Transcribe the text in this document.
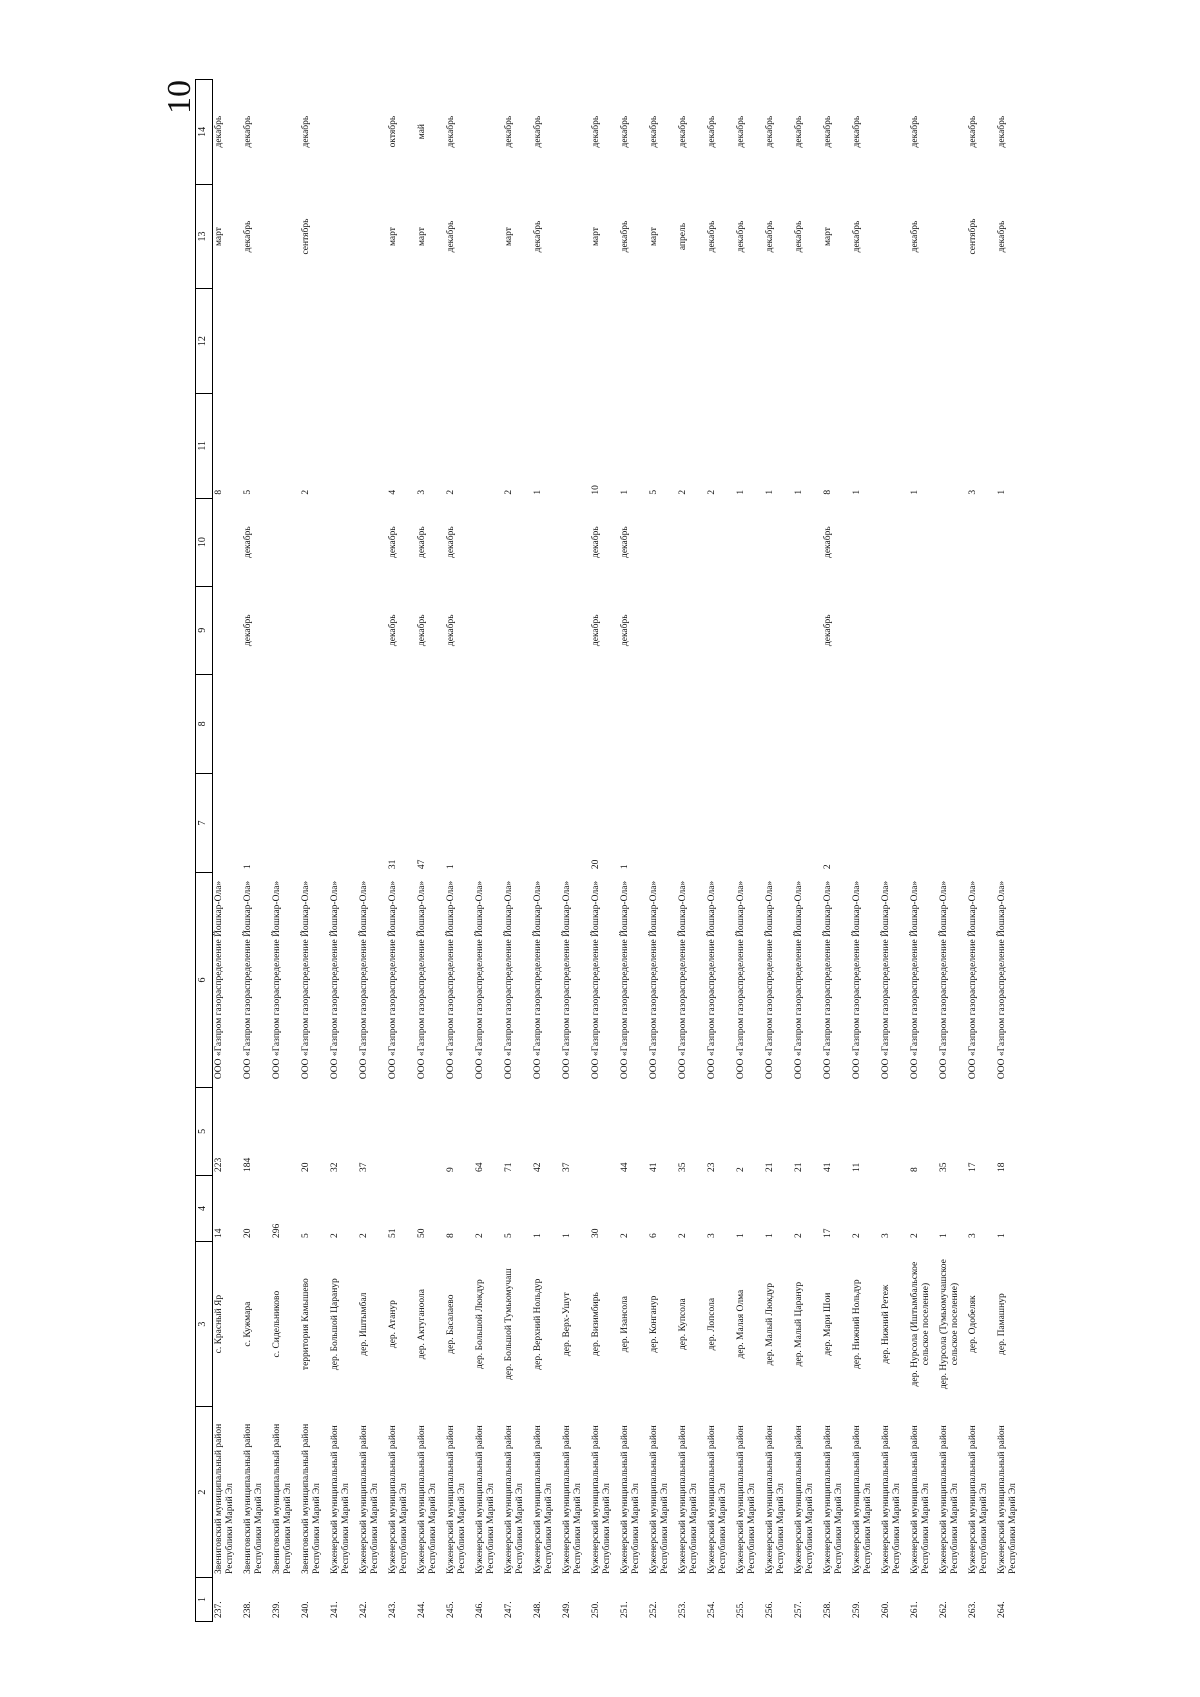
10
1	2	3	4	5	6	7	8	9	10	11	12	13	14
237.	Звениговский муниципальный район Республики Марий Эл	с. Красный Яр	14	223	ООО «Газпром газораспределение Йошкар-Ола»					8		март	декабрь
238.	Звениговский муниципальный район Республики Марий Эл	с. Кужмара	20	184	ООО «Газпром газораспределение Йошкар-Ола»	1		декабрь	декабрь	5		декабрь	декабрь
239.	Звениговский муниципальный район Республики Марий Эл	с. Сидельниково	296		ООО «Газпром газораспределение Йошкар-Ола»								
240.	Звениговский муниципальный район Республики Марий Эл	территория Камышево	5	20	ООО «Газпром газораспределение Йошкар-Ола»					2		сентябрь	декабрь
241.	Куженерский муниципальный район Республики Марий Эл	дер. Большой Царанур	2	32	ООО «Газпром газораспределение Йошкар-Ола»								
242.	Куженерский муниципальный район Республики Марий Эл	дер. Иштымбал	2	37	ООО «Газпром газораспределение Йошкар-Ола»								
243.	Куженерский муниципальный район Республики Марий Эл	дер. Атанур	51		ООО «Газпром газораспределение Йошкар-Ола»	31		декабрь	декабрь	4		март	октябрь
244.	Куженерский муниципальный район Республики Марий Эл	дер. Актуганоола	50		ООО «Газпром газораспределение Йошкар-Ола»	47		декабрь	декабрь	3		март	май
245.	Куженерский муниципальный район Республики Марий Эл	дер. Басалаево	8	9	ООО «Газпром газораспределение Йошкар-Ола»	1		декабрь	декабрь	2		декабрь	декабрь
246.	Куженерский муниципальный район Республики Марий Эл	дер. Большой Люкдур	2	64	ООО «Газпром газораспределение Йошкар-Ола»								
247.	Куженерский муниципальный район Республики Марий Эл	дер. Большой Тумьюмучаш	5	71	ООО «Газпром газораспределение Йошкар-Ола»					2		март	декабрь
248.	Куженерский муниципальный район Республики Марий Эл	дер. Верхний Нольдур	1	42	ООО «Газпром газораспределение Йошкар-Ола»					1		декабрь	декабрь
249.	Куженерский муниципальный район Республики Марий Эл	дер. Верх-Ушут	1	37	ООО «Газпром газораспределение Йошкар-Ола»								
250.	Куженерский муниципальный район Республики Марий Эл	дер. Визимбирь	30		ООО «Газпром газораспределение Йошкар-Ола»	20		декабрь	декабрь	10		март	декабрь
251.	Куженерский муниципальный район Республики Марий Эл	дер. Изансола	2	44	ООО «Газпром газораспределение Йошкар-Ола»	1		декабрь	декабрь	1		декабрь	декабрь
252.	Куженерский муниципальный район Республики Марий Эл	дер. Конганур	6	41	ООО «Газпром газораспределение Йошкар-Ола»					5		март	декабрь
253.	Куженерский муниципальный район Республики Марий Эл	дер. Купсола	2	35	ООО «Газпром газораспределение Йошкар-Ола»					2		апрель	декабрь
254.	Куженерский муниципальный район Республики Марий Эл	дер. Лопсола	3	23	ООО «Газпром газораспределение Йошкар-Ола»					2		декабрь	декабрь
255.	Куженерский муниципальный район Республики Марий Эл	дер. Малая Олма	1	2	ООО «Газпром газораспределение Йошкар-Ола»					1		декабрь	декабрь
256.	Куженерский муниципальный район Республики Марий Эл	дер. Малый Люкдур	1	21	ООО «Газпром газораспределение Йошкар-Ола»					1		декабрь	декабрь
257.	Куженерский муниципальный район Республики Марий Эл	дер. Малый Царанур	2	21	ООО «Газпром газораспределение Йошкар-Ола»					1		декабрь	декабрь
258.	Куженерский муниципальный район Республики Марий Эл	дер. Мари Шои	17	41	ООО «Газпром газораспределение Йошкар-Ола»	2		декабрь	декабрь	8		март	декабрь
259.	Куженерский муниципальный район Республики Марий Эл	дер. Нижний Нольдур	2	11	ООО «Газпром газораспределение Йошкар-Ола»					1		декабрь	декабрь
260.	Куженерский муниципальный район Республики Марий Эл	дер. Нижний Ретеж	3		ООО «Газпром газораспределение Йошкар-Ола»								
261.	Куженерский муниципальный район Республики Марий Эл	дер. Нурсола (Иштымбальское сельское поселение)	2	8	ООО «Газпром газораспределение Йошкар-Ола»					1		декабрь	декабрь
262.	Куженерский муниципальный район Республики Марий Эл	дер. Нурсола (Тумьюмучашское сельское поселение)	1	35	ООО «Газпром газораспределение Йошкар-Ола»								
263.	Куженерский муниципальный район Республики Марий Эл	дер. Одобеляк	3	17	ООО «Газпром газораспределение Йошкар-Ола»					3		сентябрь	декабрь
264.	Куженерский муниципальный район Республики Марий Эл	дер. Памашнур	1	18	ООО «Газпром газораспределение Йошкар-Ола»					1		декабрь	декабрь
